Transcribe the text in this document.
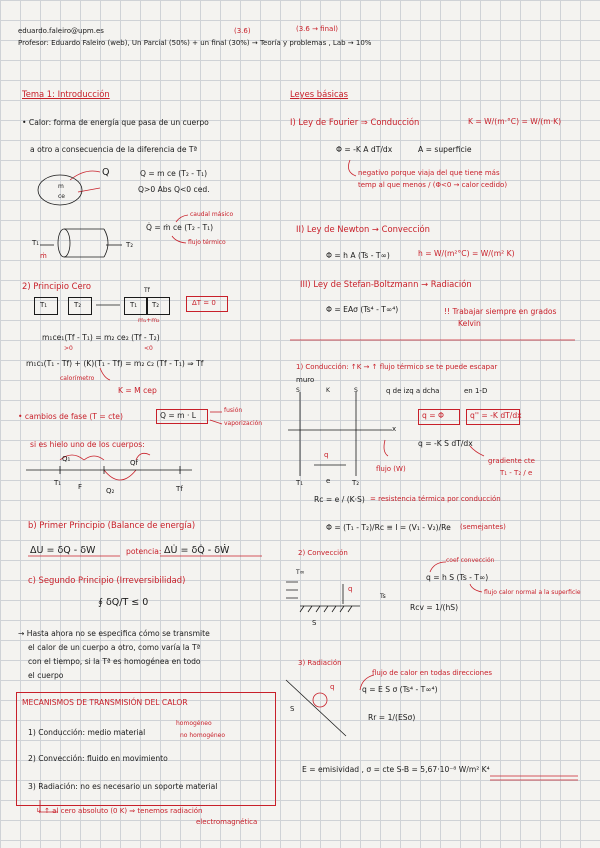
eduardo.faleiro@upm.es	(3.6)	(3.6 → final)
Profesor: Eduardo Faleiro (web), Un Parcial (50%) + un final (30%) → Teoría y problemas , Lab → 10%
Tema 1: Introducción
• Calor: forma de energía que pasa de un cuerpo
a otro a consecuencia de la diferencia de Tª
Q
m
ce
Q = m ce (T₂ - T₁)
Q>0 Abs Q<0 ced.
Q̇ = ṁ ce (T₂ - T₁)
caudal másico
flujo térmico
T₁	T₂
ṁ
2) Principio Cero
T₁	T₂	T₁ T₂
Tf
m₁+m₂
ΔT = 0
m₁ce₁(Tf - T₁) = m₂ ce₂ (Tf - T₂)
>0	<0
m₁c₁(T₁ - Tf) + (K)(T₁ - Tf) = m₂ c₂ (Tf - T₁) ⇒ Tf
calorímetro
K = M cep
• cambios de fase (T = cte)	Q = m · L
fusión
vaporización
si es hielo uno de los cuerpos:
Q₁	Qf
Q₂
T₁ F	Tf
b) Primer Principio (Balance de energía)
ΔU = δQ - δW	potencia: ΔU̇ = δQ̇ - δẆ
c) Segundo Principio (Irreversibilidad)
∮ δQ/T ≤ 0
→ Hasta ahora no se especifica cómo se transmite
el calor de un cuerpo a otro, como varía la Tª
con el tiempo, si la Tª es homogénea en todo
el cuerpo
MECANISMOS DE TRANSMISIÓN DEL CALOR
1) Conducción: medio material
homogéneo
no homogéneo
2) Convección: fluido en movimiento
3) Radiación: no es necesario un soporte material
↳ ↑ al cero absoluto (0 K) ⇒ tenemos radiación
electromagnética
Leyes básicas
I) Ley de Fourier ⇒ Conducción	K = W/(m·°C) = W/(m·K)
Φ = -K A dT/dx	A = superficie
negativo porque viaja del que tiene más
temp al que menos / (Φ<0 → calor cedido)
II) Ley de Newton → Convección
Φ = h A (Ts - T∞)	h = W/(m²°C) = W/(m² K)
III) Ley de Stefan-Boltzmann → Radiación
Φ = EAσ (Ts⁴ - T∞⁴)	!! Trabajar siempre en grados
Kelvin
1) Conducción: ↑K → ↑ flujo térmico se te puede escapar
muro
S	K	S	q de izq a dcha	en 1-D
q = Φ	q'' = -K dT/dx
x
q
q = -K S dT/dx
flujo (W)
gradiente cte
T₁ - T₂ / e
T₁	T₂
e
Rc = e / (K·S) = resistencia térmica por conducción
Φ = (T₁ - T₂)/Rc ≡ I = (V₁ - V₂)/Re (semejantes)
2) Convección
T∞
Ts
S
q
coef convección
q = h S (Ts - T∞)
flujo calor normal a la superficie
Rcv = 1/(hS)
3) Radiación
flujo de calor en todas direcciones
q = E S σ (Ts⁴ - T∞⁴)
S
q
Rr = 1/(ESσ)
E = emisividad , σ = cte S-B = 5,67·10⁻⁸ W/m² K⁴
